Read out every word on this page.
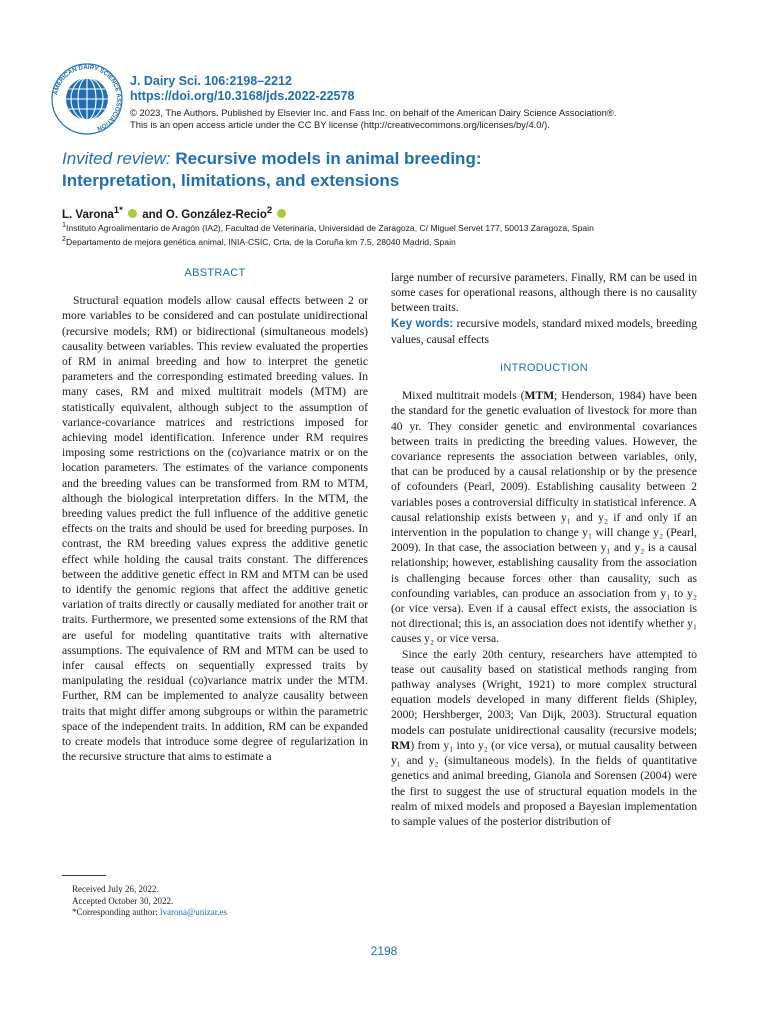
AMERICAN DAIRY SCIENCE ASSOCIATION
J. Dairy Sci. 106:2198–2212
https://doi.org/10.3168/jds.2022-22578
© 2023, The Authors. Published by Elsevier Inc. and Fass Inc. on behalf of the American Dairy Science Association®.
This is an open access article under the CC BY license (http://creativecommons.org/licenses/by/4.0/).
Invited review: Recursive models in animal breeding:
Interpretation, limitations, and extensions
L. Varona$^{1*}$  and O. González-Recio$^2$
$^1$Instituto Agroalimentario de Aragón (IA2), Facultad de Veterinaria, Universidad de Zaragoza, C/ Miguel Servet 177, 50013 Zaragoza, Spain
$^2$Departamento de mejora genética animal, INIA-CSIC, Crta, de la Coruña km 7.5, 28040 Madrid, Spain
ABSTRACT

Structural equation models allow causal effects between 2 or more variables to be considered and can postulate unidirectional (recursive models; RM) or bidirectional (simultaneous models) causality between variables. This review evaluated the properties of RM in animal breeding and how to interpret the genetic parameters and the corresponding estimated breeding values. In many cases, RM and mixed multitrait models (MTM) are statistically equivalent, although subject to the assumption of variance-covariance matrices and restrictions imposed for achieving model identification. Inference under RM requires imposing some restrictions on the (co)variance matrix or on the location parameters. The estimates of the variance components and the breeding values can be transformed from RM to MTM, although the biological interpretation differs. In the MTM, the breeding values predict the full influence of the additive genetic effects on the traits and should be used for breeding purposes. In contrast, the RM breeding values express the additive genetic effect while holding the causal traits constant. The differences between the additive genetic effect in RM and MTM can be used to identify the genomic regions that affect the additive genetic variation of traits directly or causally mediated for another trait or traits. Furthermore, we presented some extensions of the RM that are useful for modeling quantitative traits with alternative assumptions. The equivalence of RM and MTM can be used to infer causal effects on sequentially expressed traits by manipulating the residual (co)variance matrix under the MTM. Further, RM can be implemented to analyze causality between traits that might differ among subgroups or within the parametric space of the independent traits. In addition, RM can be expanded to create models that introduce some degree of regularization in the recursive structure that aims to estimate a

large number of recursive parameters. Finally, RM can be used in some cases for operational reasons, although there is no causality between traits.

Key words: recursive models, standard mixed models, breeding values, causal effects

INTRODUCTION

Mixed multitrait models (MTM; Henderson, 1984) have been the standard for the genetic evaluation of livestock for more than 40 yr. They consider genetic and environmental covariances between traits in predicting the breeding values. However, the covariance represents the association between variables, only, that can be produced by a causal relationship or by the presence of cofounders (Pearl, 2009). Establishing causality between 2 variables poses a controversial difficulty in statistical inference. A causal relationship exists between y₁ and y₂ if and only if an intervention in the population to change y₁ will change y₂ (Pearl, 2009). In that case, the association between y₁ and y₂ is a causal relationship; however, establishing causality from the association is challenging because forces other than causality, such as confounding variables, can produce an association from y₁ to y₂ (or vice versa). Even if a causal effect exists, the association is not directional; this is, an association does not identify whether y₁ causes y₂ or vice versa.

Since the early 20th century, researchers have attempted to tease out causality based on statistical methods ranging from pathway analyses (Wright, 1921) to more complex structural equation models developed in many different fields (Shipley, 2000; Hershberger, 2003; Van Dijk, 2003). Structural equation models can postulate unidirectional causality (recursive models; RM) from y₁ into y₂ (or vice versa), or mutual causality between y₁ and y₂ (simultaneous models). In the fields of quantitative genetics and animal breeding, Gianola and Sorensen (2004) were the first to suggest the use of structural equation models in the realm of mixed models and proposed a Bayesian implementation to sample values of the posterior distribution of

Received July 26, 2022.
Accepted October 30, 2022.
*Corresponding author: lvarona@unizar.es
2198
